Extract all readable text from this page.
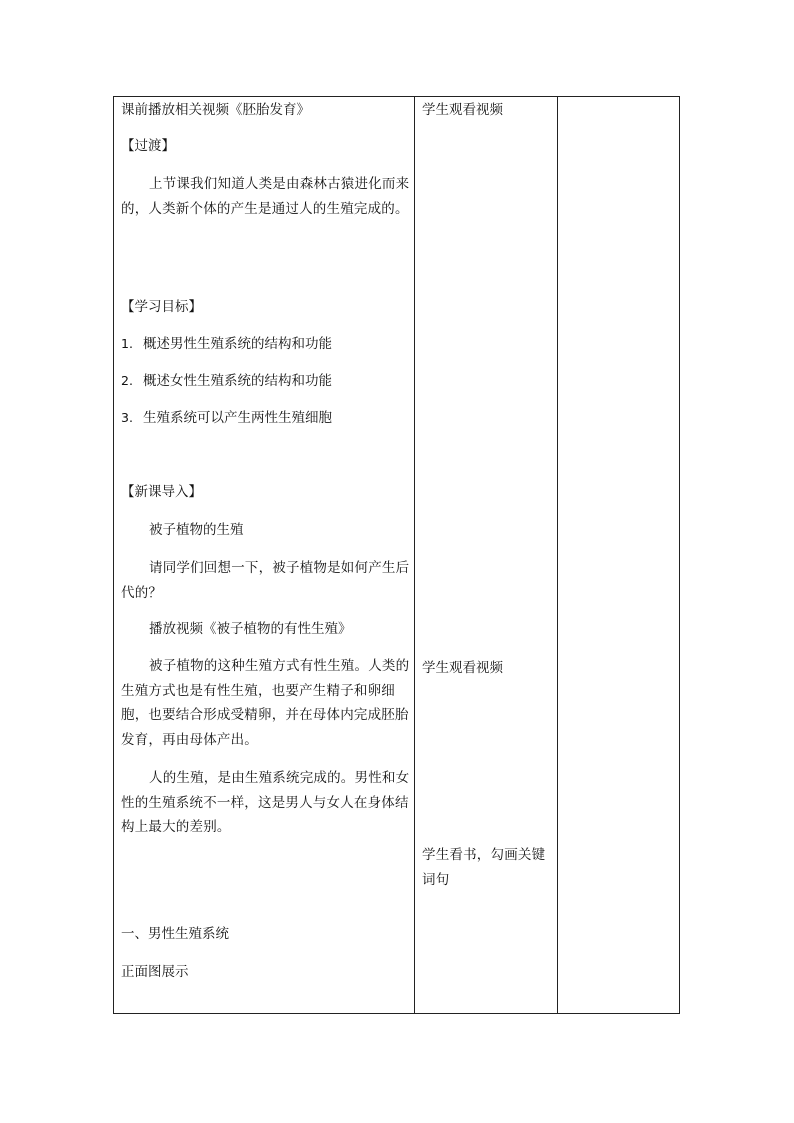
课前播放相关视频《胚胎发育》
【过渡】
上节课我们知道人类是由森林古猿进化而来的，人类新个体的产生是通过人的生殖完成的。
【学习目标】
1. 概述男性生殖系统的结构和功能
2. 概述女性生殖系统的结构和功能
3. 生殖系统可以产生两性生殖细胞
【新课导入】
被子植物的生殖
请同学们回想一下，被子植物是如何产生后代的？
播放视频《被子植物的有性生殖》
被子植物的这种生殖方式有性生殖。人类的生殖方式也是有性生殖，也要产生精子和卵细胞，也要结合形成受精卵，并在母体内完成胚胎发育，再由母体产出。
人的生殖，是由生殖系统完成的。男性和女性的生殖系统不一样，这是男人与女人在身体结构上最大的差别。
一、男性生殖系统
正面图展示
学生观看视频
学生观看视频
学生看书，勾画关键词句
